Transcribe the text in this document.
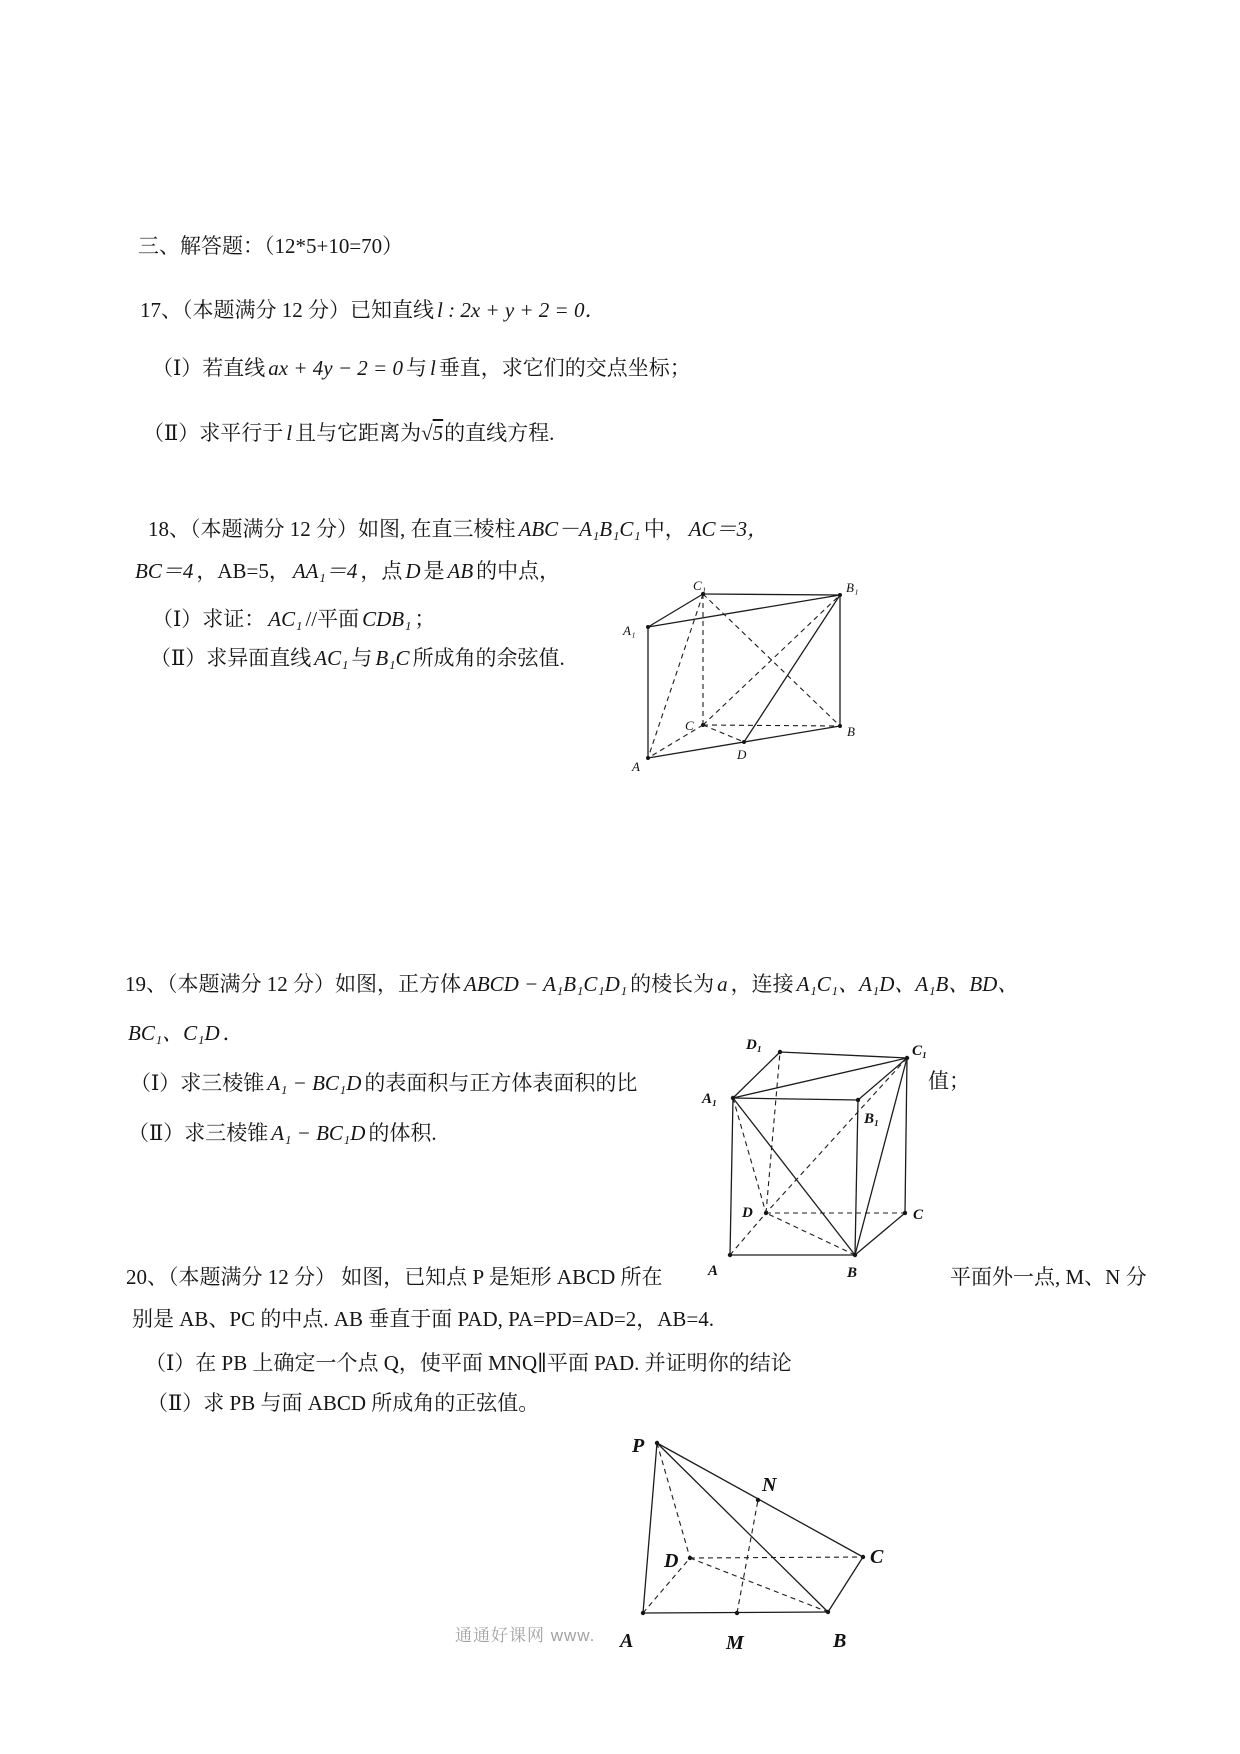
三、解答题：（12*5+10=70）
17、（本题满分 12 分）已知直线 l : 2x + y + 2 = 0．
（Ⅰ）若直线 ax + 4y − 2 = 0 与 l 垂直，求它们的交点坐标；
（Ⅱ）求平行于 l 且与它距离为√5的直线方程.
18、（本题满分 12 分）如图, 在直三棱柱 ABC－A₁B₁C₁ 中， AC＝3，
BC＝4 ，AB=5， AA₁＝4 ，点 D 是 AB 的中点，
（Ⅰ）求证： AC₁ //平面 CDB₁ ；
（Ⅱ）求异面直线 AC₁ 与 B₁C 所成角的余弦值.
A₁
C₁	B₁
A
C
D
B
19、（本题满分 12 分）如图，正方体 ABCD − A₁B₁C₁D₁ 的棱长为 a ，连接 A₁C₁、A₁D、A₁B、BD、
BC₁、C₁D ．
（Ⅰ）求三棱锥 A₁ − BC₁D 的表面积与正方体表面积的比	值；
（Ⅱ）求三棱锥 A₁ − BC₁D 的体积.
D₁	C₁
A₁
B₁
D	C
A	B
20、（本题满分 12 分） 如图，已知点 P 是矩形 ABCD 所在	平面外一点, M、N 分
别是 AB、PC 的中点. AB 垂直于面 PAD, PA=PD=AD=2，AB=4.
（Ⅰ）在 PB 上确定一个点 Q，使平面 MNQ∥平面 PAD. 并证明你的结论
（Ⅱ）求 PB 与面 ABCD 所成角的正弦值。
P
N
D	C
A	M	B
通通好课网 www.
